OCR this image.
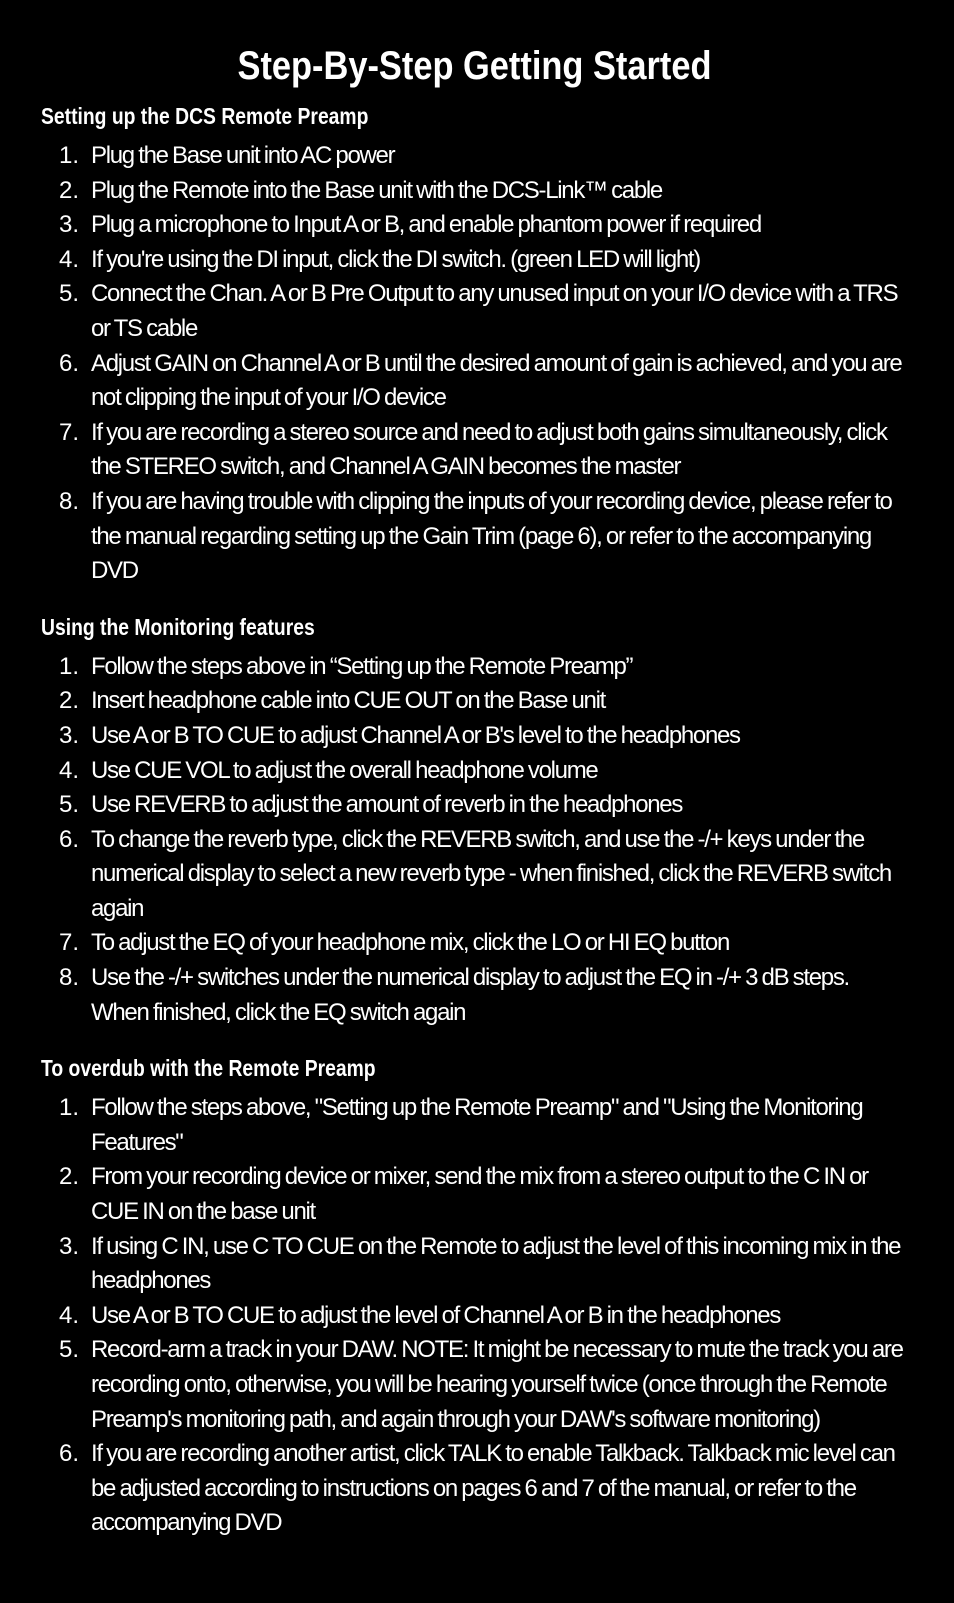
Step-By-Step Getting Started
Setting up the DCS Remote Preamp
1. Plug the Base unit into AC power
2. Plug the Remote into the Base unit with the DCS-Link™ cable
3. Plug a microphone to Input A or B, and enable phantom power if required
4. If you're using the DI input, click the DI switch. (green LED will light)
5. Connect the Chan. A or B Pre Output to any unused input on your I/O device with a TRS or TS cable
6. Adjust GAIN on Channel A or B until the desired amount of gain is achieved, and you are not clipping the input of your I/O device
7. If you are recording a stereo source and need to adjust both gains simultaneously, click the STEREO switch, and Channel A GAIN becomes the master
8. If you are having trouble with clipping the inputs of your recording device, please refer to the manual regarding setting up the Gain Trim (page 6), or refer to the accompanying DVD
Using the Monitoring features
1. Follow the steps above in “Setting up the Remote Preamp”
2. Insert headphone cable into CUE OUT on the Base unit
3. Use A or B TO CUE to adjust Channel A or B's level to the headphones
4. Use CUE VOL to adjust the overall headphone volume
5. Use REVERB to adjust the amount of reverb in the headphones
6. To change the reverb type, click the REVERB switch, and use the -/+ keys under the numerical display to select a new reverb type - when finished, click the REVERB switch again
7. To adjust the EQ of your headphone mix, click the LO or HI EQ button
8. Use the -/+ switches under the numerical display to adjust the EQ in -/+ 3 dB steps. When finished, click the EQ switch again
To overdub with the Remote Preamp
1. Follow the steps above, "Setting up the Remote Preamp" and "Using the Monitoring Features"
2. From your recording device or mixer, send the mix from a stereo output to the C IN or CUE IN on the base unit
3. If using C IN, use C TO CUE on the Remote to adjust the level of this incoming mix in the headphones
4. Use A or B TO CUE to adjust the level of Channel A or B in the headphones
5. Record-arm a track in your DAW. NOTE: It might be necessary to mute the track you are recording onto, otherwise, you will be hearing yourself twice (once through the Remote Preamp's monitoring path, and again through your DAW's software monitoring)
6. If you are recording another artist, click TALK to enable Talkback. Talkback mic level can be adjusted according to instructions on pages 6 and 7 of the manual, or refer to the accompanying DVD
